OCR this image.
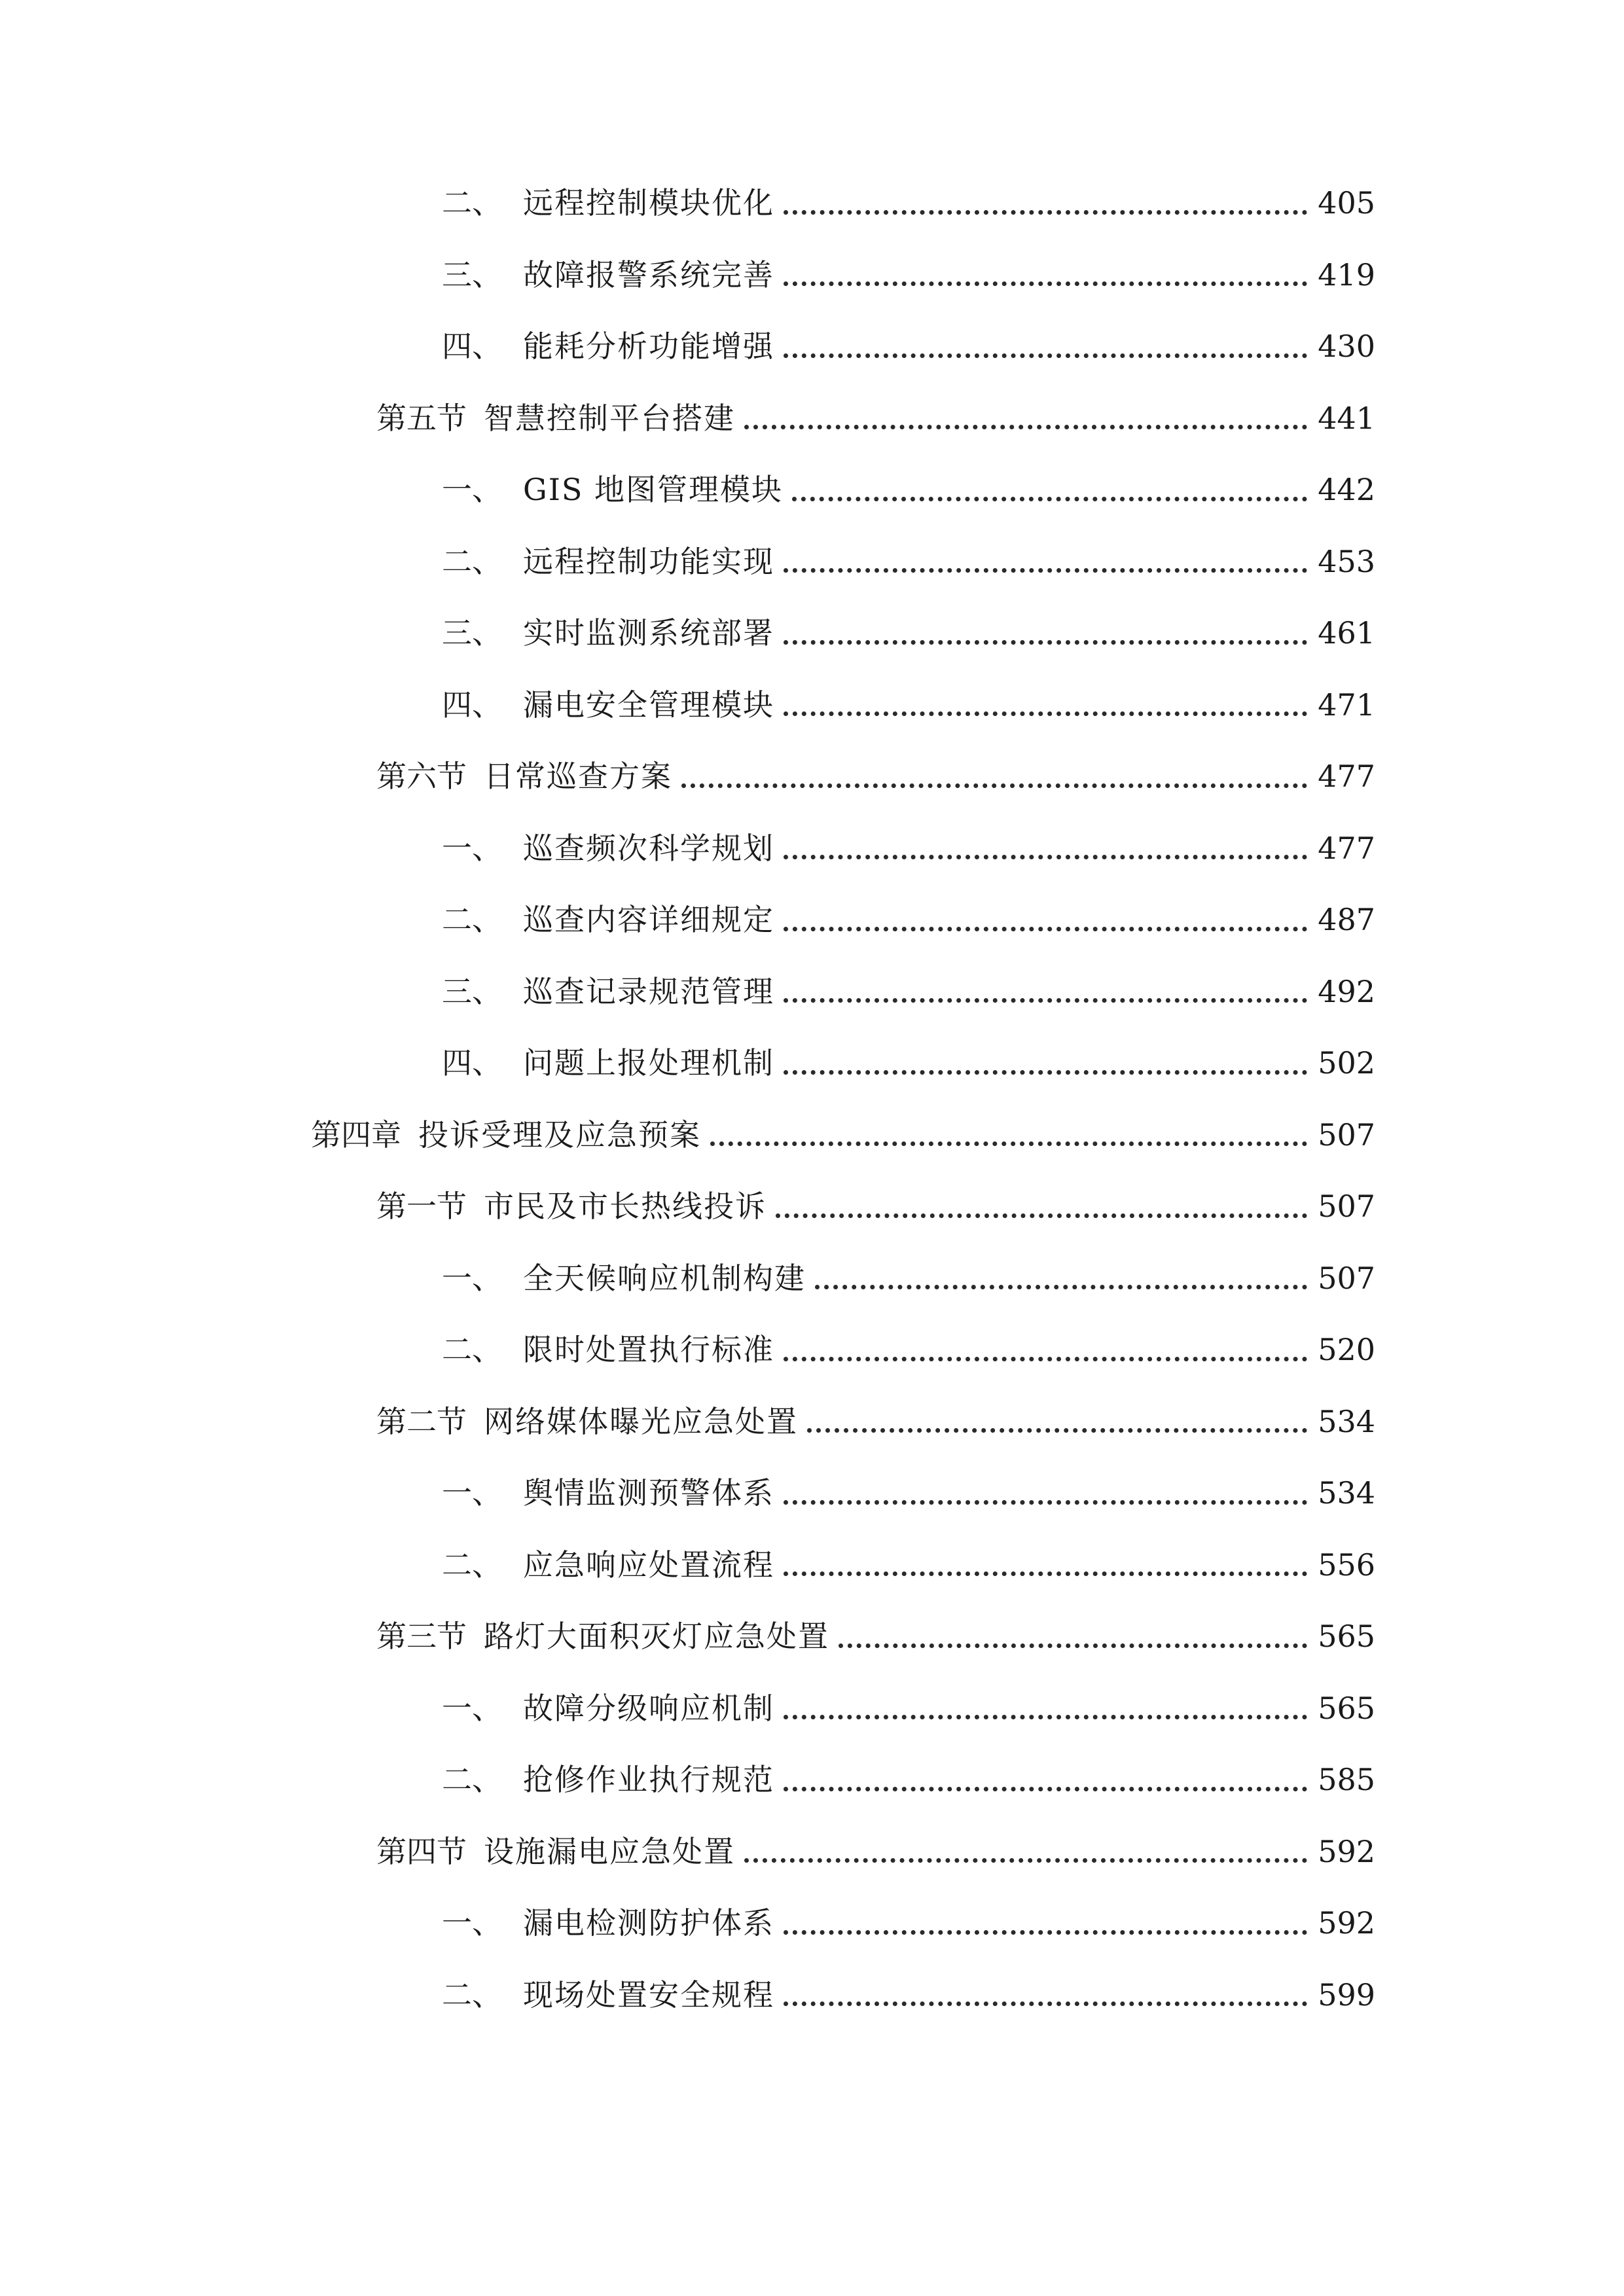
二、 远程控制模块优化	405
三、 故障报警系统完善	419
四、 能耗分析功能增强	430
第五节 智慧控制平台搭建	441
一、 GIS 地图管理模块	442
二、 远程控制功能实现	453
三、 实时监测系统部署	461
四、 漏电安全管理模块	471
第六节 日常巡查方案	477
一、 巡查频次科学规划	477
二、 巡查内容详细规定	487
三、 巡查记录规范管理	492
四、 问题上报处理机制	502
第四章 投诉受理及应急预案	507
第一节 市民及市长热线投诉	507
一、 全天候响应机制构建	507
二、 限时处置执行标准	520
第二节 网络媒体曝光应急处置	534
一、 舆情监测预警体系	534
二、 应急响应处置流程	556
第三节 路灯大面积灭灯应急处置	565
一、 故障分级响应机制	565
二、 抢修作业执行规范	585
第四节 设施漏电应急处置	592
一、 漏电检测防护体系	592
二、 现场处置安全规程	599
